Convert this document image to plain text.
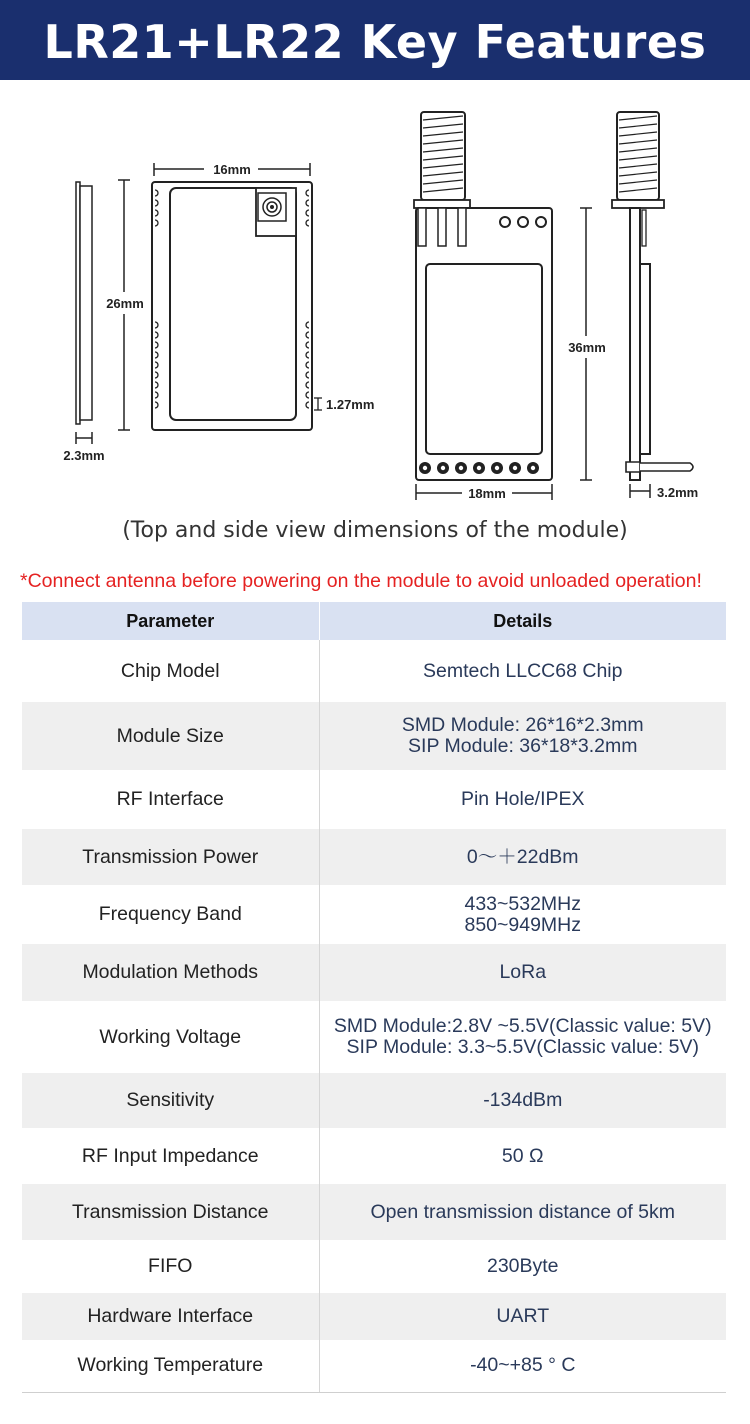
LR21+LR22 Key Features
2.3mm
26mm
16mm
1.27mm
18mm
36mm
3.2mm
(Top and side view dimensions of the module)
*Connect antenna before powering on the module to avoid unloaded operation!
Parameter	Details
Chip Model	Semtech LLCC68 Chip

Module Size	SMD Module: 26*16*2.3mm
SIP Module: 36*18*3.2mm

RF Interface	Pin Hole/IPEX

Transmission Power	0～＋22dBm

Frequency Band	433~532MHz
850~949MHz

Modulation Methods	LoRa

Working Voltage	SMD Module:2.8V ~5.5V(Classic value: 5V)
SIP Module: 3.3~5.5V(Classic value: 5V)

Sensitivity	-134dBm

RF Input Impedance	50 Ω

Transmission Distance	Open transmission distance of 5km

FIFO	230Byte

Hardware Interface	UART

Working Temperature	-40~+85 ° C
